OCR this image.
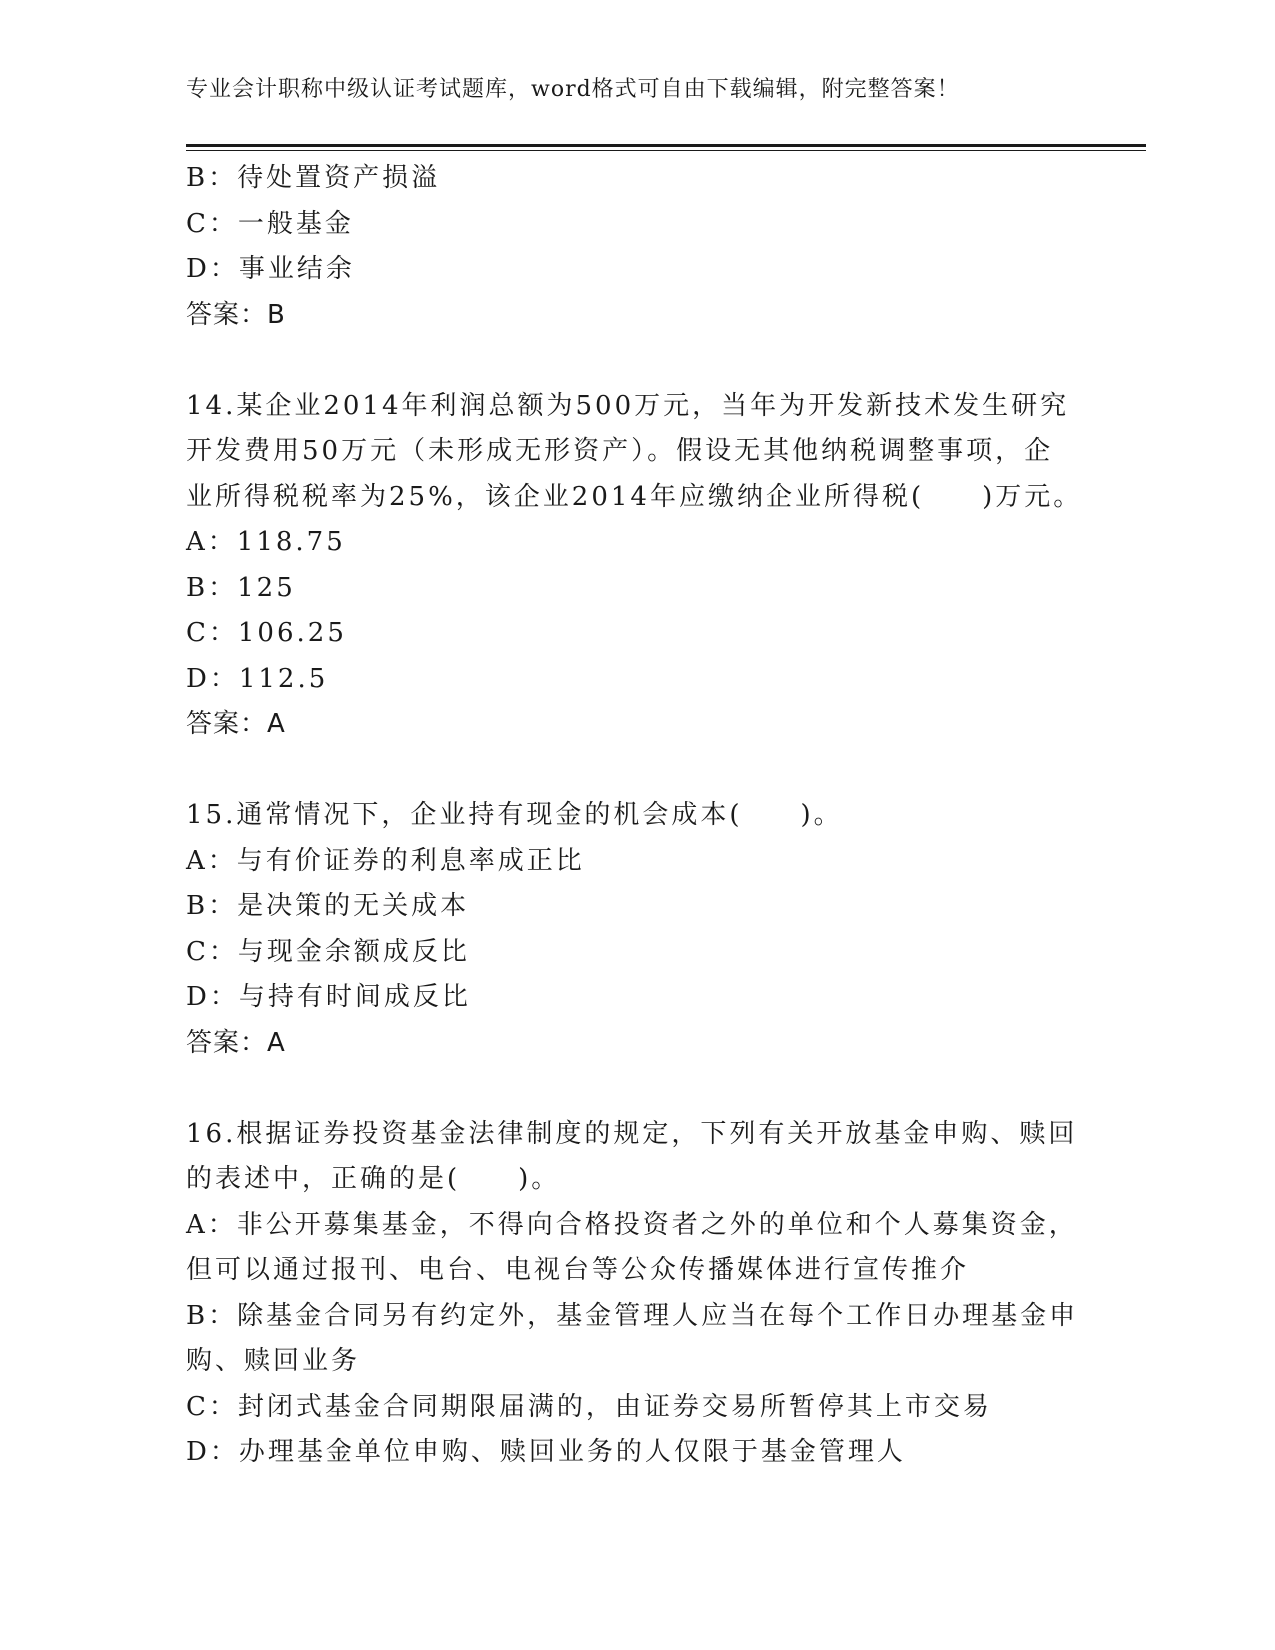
专业会计职称中级认证考试题库，word格式可自由下载编辑，附完整答案！
B：待处置资产损溢
C：一般基金
D：事业结余
答案：B
14.某企业2014年利润总额为500万元，当年为开发新技术发生研究
开发费用50万元（未形成无形资产）。假设无其他纳税调整事项，企
业所得税税率为25%，该企业2014年应缴纳企业所得税(　　)万元。
A：118.75
B：125
C：106.25
D：112.5
答案：A
15.通常情况下，企业持有现金的机会成本(　　)。
A：与有价证券的利息率成正比
B：是决策的无关成本
C：与现金余额成反比
D：与持有时间成反比
答案：A
16.根据证券投资基金法律制度的规定，下列有关开放基金申购、赎回
的表述中，正确的是(　　)。
A：非公开募集基金，不得向合格投资者之外的单位和个人募集资金，
但可以通过报刊、电台、电视台等公众传播媒体进行宣传推介
B：除基金合同另有约定外，基金管理人应当在每个工作日办理基金申
购、赎回业务
C：封闭式基金合同期限届满的，由证券交易所暂停其上市交易
D：办理基金单位申购、赎回业务的人仅限于基金管理人
